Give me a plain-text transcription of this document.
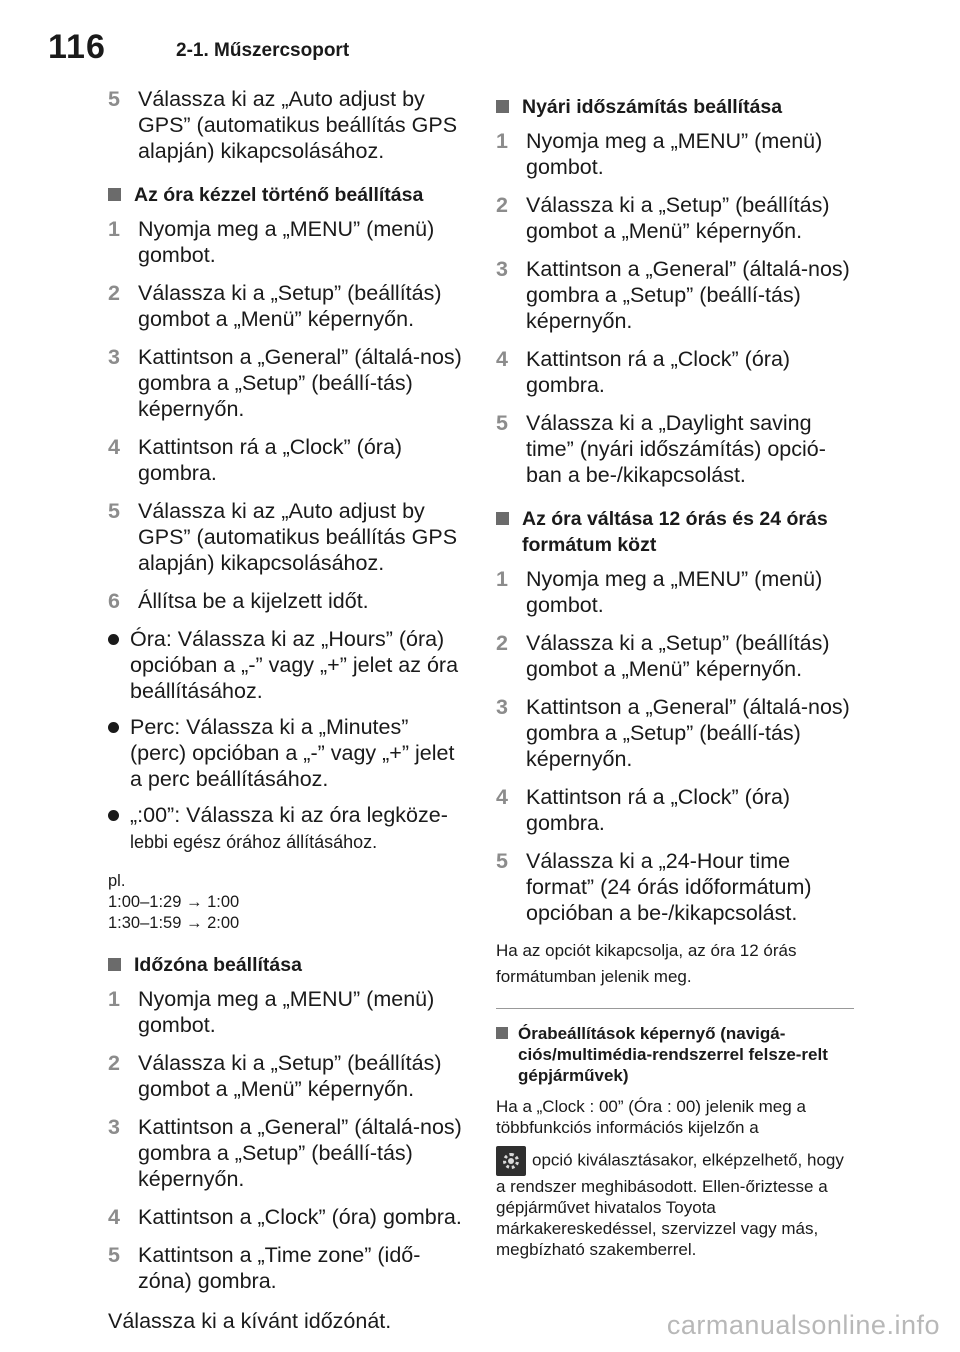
116	2-1. Műszercsoport
5 Válassza ki az „Auto adjust by GPS” (automatikus beállítás GPS alapján) kikapcsolásához.
Az óra kézzel történő beállítása
1 Nyomja meg a „MENU” (menü) gombot.
2 Válassza ki a „Setup” (beállítás) gombot a „Menü” képernyőn.
3 Kattintson a „General” (általá-nos) gombra a „Setup” (beállí-tás) képernyőn.
4 Kattintson rá a „Clock” (óra) gombra.
5 Válassza ki az „Auto adjust by GPS” (automatikus beállítás GPS alapján) kikapcsolásához.
6 Állítsa be a kijelzett időt.
Óra: Válassza ki az „Hours” (óra) opcióban a „-” vagy „+” jelet az óra beállításához.
Perc: Válassza ki a „Minutes” (perc) opcióban a „-” vagy „+” jelet a perc beállításához.
„:00”: Válassza ki az óra legköze-
lebbi egész órához állításához.
pl.
1:00–1:29 → 1:00
1:30–1:59 → 2:00
Időzóna beállítása
1 Nyomja meg a „MENU” (menü) gombot.
2 Válassza ki a „Setup” (beállítás) gombot a „Menü” képernyőn.
3 Kattintson a „General” (általá-nos) gombra a „Setup” (beállí-tás) képernyőn.
4 Kattintson a „Clock” (óra) gombra.
5 Kattintson a „Time zone” (idő-zóna) gombra.
Válassza ki a kívánt időzónát.
Nyári időszámítás beállítása
1 Nyomja meg a „MENU” (menü) gombot.
2 Válassza ki a „Setup” (beállítás) gombot a „Menü” képernyőn.
3 Kattintson a „General” (általá-nos) gombra a „Setup” (beállí-tás) képernyőn.
4 Kattintson rá a „Clock” (óra) gombra.
5 Válassza ki a „Daylight saving time” (nyári időszámítás) opció-ban a be-/kikapcsolást.
Az óra váltása 12 órás és 24 órás formátum közt
1 Nyomja meg a „MENU” (menü) gombot.
2 Válassza ki a „Setup” (beállítás) gombot a „Menü” képernyőn.
3 Kattintson a „General” (általá-nos) gombra a „Setup” (beállí-tás) képernyőn.
4 Kattintson rá a „Clock” (óra) gombra.
5 Válassza ki a „24-Hour time format” (24 órás időformátum) opcióban a be-/kikapcsolást.
Ha az opciót kikapcsolja, az óra 12 órás formátumban jelenik meg.
Órabeállítások képernyő (navigá-ciós/multimédia-rendszerrel felsze-relt gépjárművek)
Ha a „Clock : 00” (Óra : 00) jelenik meg a többfunkciós információs kijelzőn a
opció kiválasztásakor, elképzelhető, hogy a rendszer meghibásodott. Ellen-őriztesse a gépjárművet hivatalos Toyota márkakereskedéssel, szervizzel vagy más, megbízható szakemberrel.
carmanualsonline.info
